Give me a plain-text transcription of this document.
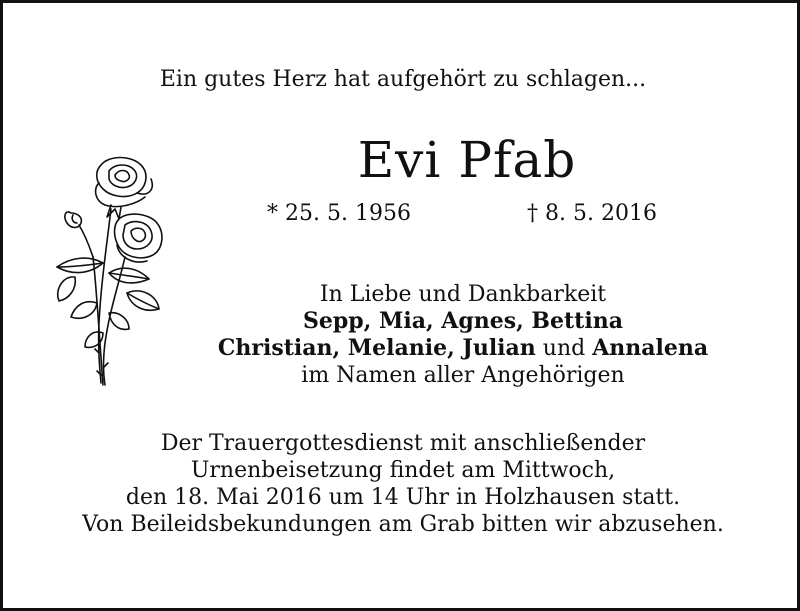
Ein gutes Herz hat aufgehört zu schlagen...
Evi Pfab
* 25. 5. 1956	† 8. 5. 2016
In Liebe und Dankbarkeit
Sepp, Mia, Agnes, Bettina
Christian, Melanie, Julian und Annalena
im Namen aller Angehörigen
Der Trauergottesdienst mit anschließender
Urnenbeisetzung findet am Mittwoch,
den 18. Mai 2016 um 14 Uhr in Holzhausen statt.
Von Beileidsbekundungen am Grab bitten wir abzusehen.
